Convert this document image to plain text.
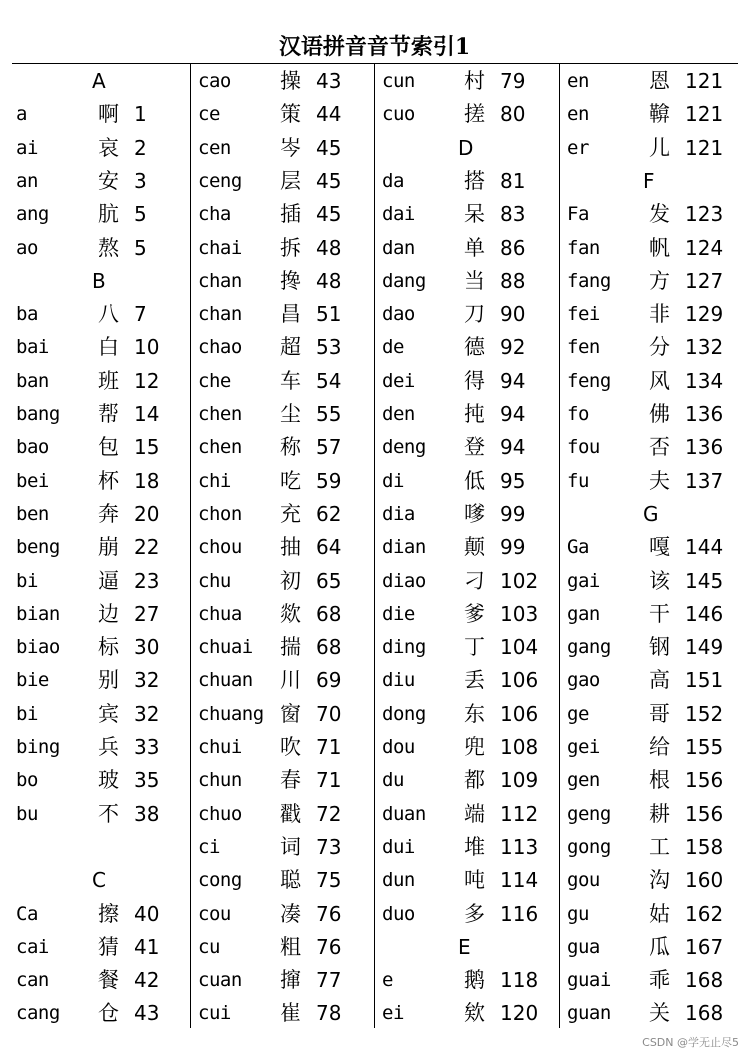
汉语拼音音节索引1
A
a	啊 1
ai	哀 2
an	安 3
ang 肮 5
ao	熬 5
B
ba	八 7
bai 白 10
ban 班 12
bang 帮 14
bao 包 15
bei 杯 18
ben 奔 20
beng 崩 22
bi	逼 23
bian 边 27
biao 标 30
bie 别 32
bi	宾 32
bing 兵 33
bo	玻 35
bu	不 38
C
Ca	擦 40
cai 猜 41
can 餐 42
cang 仓 43
cao 操 43
ce	策 44
cen 岑 45
ceng 层 45
cha 插 45
chai 拆 48
chan 搀 48
chan 昌 51
chao 超 53
che 车 54
chen 尘 55
chen 称 57
chi 吃 59
chon 充 62
chou 抽 64
chu 初 65
chua 欻 68
chuai 揣 68
chuan 川 69
chuang 窗 70
chui 吹 71
chun 春 71
chuo 戳 72
ci	词 73
cong 聪 75
cou 凑 76
cu	粗 76
cuan 撺 77
cui 崔 78
cun 村 79
cuo 搓 80
D
da	搭 81
dai 呆 83
dan 单 86
dang 当 88
dao 刀 90
de	德 92
dei 得 94
den 扽 94
deng 登 94
di	低 95
dia 嗲 99
dian 颠 99
diao 刁 102
die 爹 103
ding 丁 104
diu 丢 106
dong 东 106
dou 兜 108
du	都 109
duan 端 112
dui 堆 113
dun 吨 114
duo 多 116
E
e	鹅 118
ei	欸 120
en	恩 121
en	鞥 121
er	儿 121
F
Fa	发 123
fan 帆 124
fang 方 127
fei 非 129
fen 分 132
feng 风 134
fo	佛 136
fou 否 136
fu	夫 137
G
Ga	嘎 144
gai 该 145
gan 干 146
gang 钢 149
gao 高 151
ge	哥 152
gei 给 155
gen 根 156
geng 耕 156
gong 工 158
gou 沟 160
gu	姑 162
gua 瓜 167
guai 乖 168
guan 关 168
CSDN @学无止尽5
